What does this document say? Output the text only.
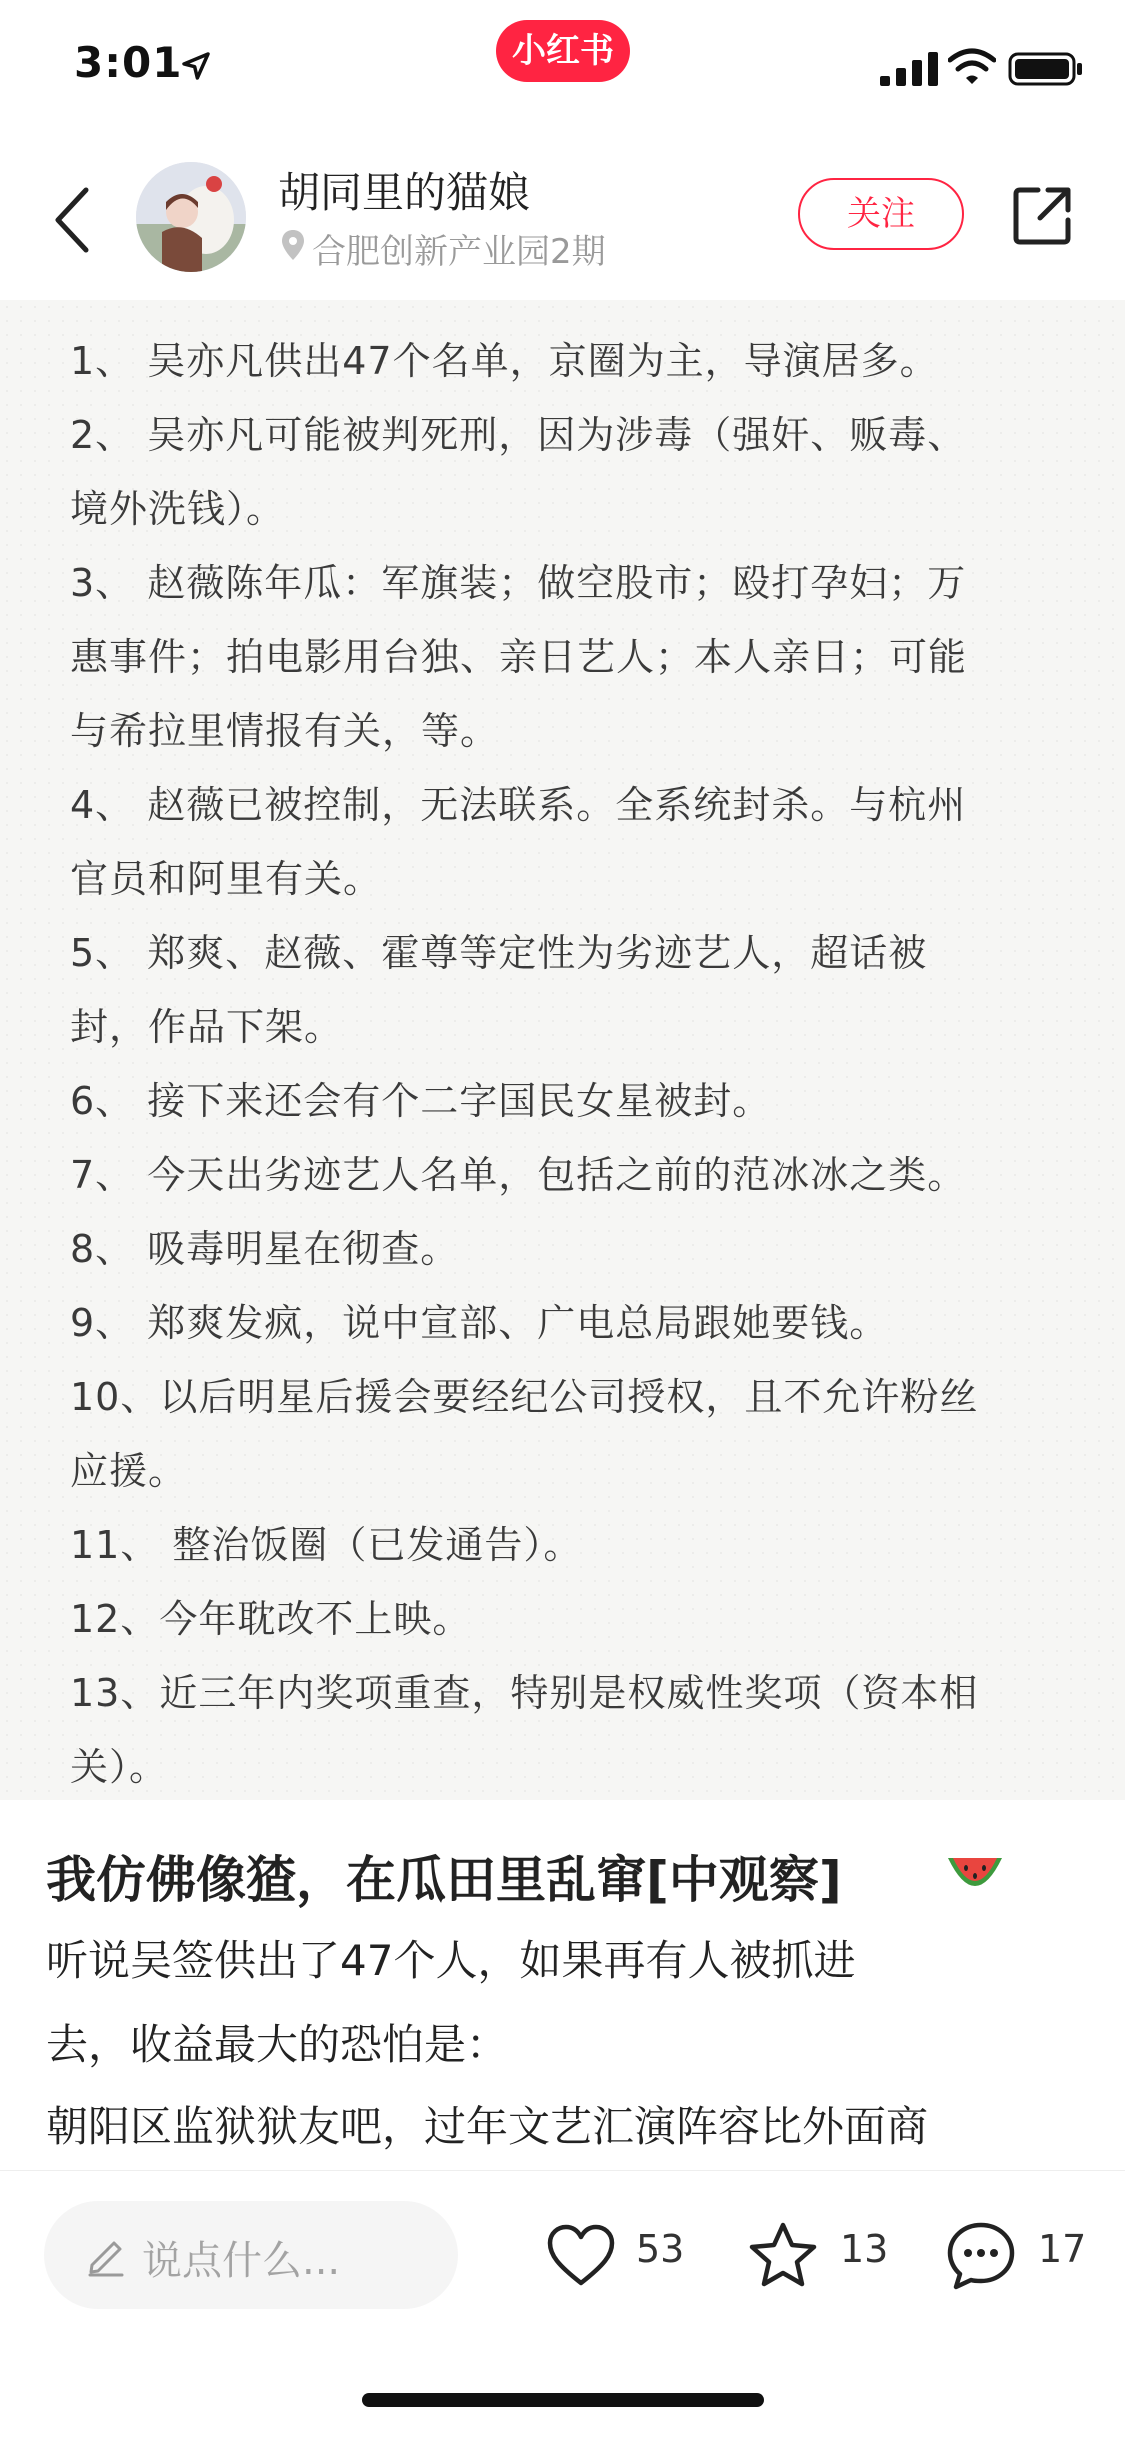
3:01	小红书
胡同里的猫娘
合肥创新产业园2期
关注
1、 吴亦凡供出47个名单，京圈为主，导演居多。
2、 吴亦凡可能被判死刑，因为涉毒（强奸、贩毒、
境外洗钱）。
3、 赵薇陈年瓜：军旗装；做空股市；殴打孕妇；万
惠事件；拍电影用台独、亲日艺人；本人亲日；可能
与希拉里情报有关，等。
4、 赵薇已被控制，无法联系。全系统封杀。与杭州
官员和阿里有关。
5、 郑爽、赵薇、霍尊等定性为劣迹艺人，超话被
封，作品下架。
6、 接下来还会有个二字国民女星被封。
7、 今天出劣迹艺人名单，包括之前的范冰冰之类。
8、 吸毒明星在彻查。
9、 郑爽发疯，说中宣部、广电总局跟她要钱。
10、以后明星后援会要经纪公司授权，且不允许粉丝
应援。
11、 整治饭圈（已发通告）。
12、今年耽改不上映。
13、近三年内奖项重查，特别是权威性奖项（资本相
关）。
我仿佛像猹，在瓜田里乱窜[中观察]
听说吴签供出了47个人，如果再有人被抓进
去，收益最大的恐怕是：
朝阳区监狱狱友吧，过年文艺汇演阵容比外面商
说点什么...	53	13	17
